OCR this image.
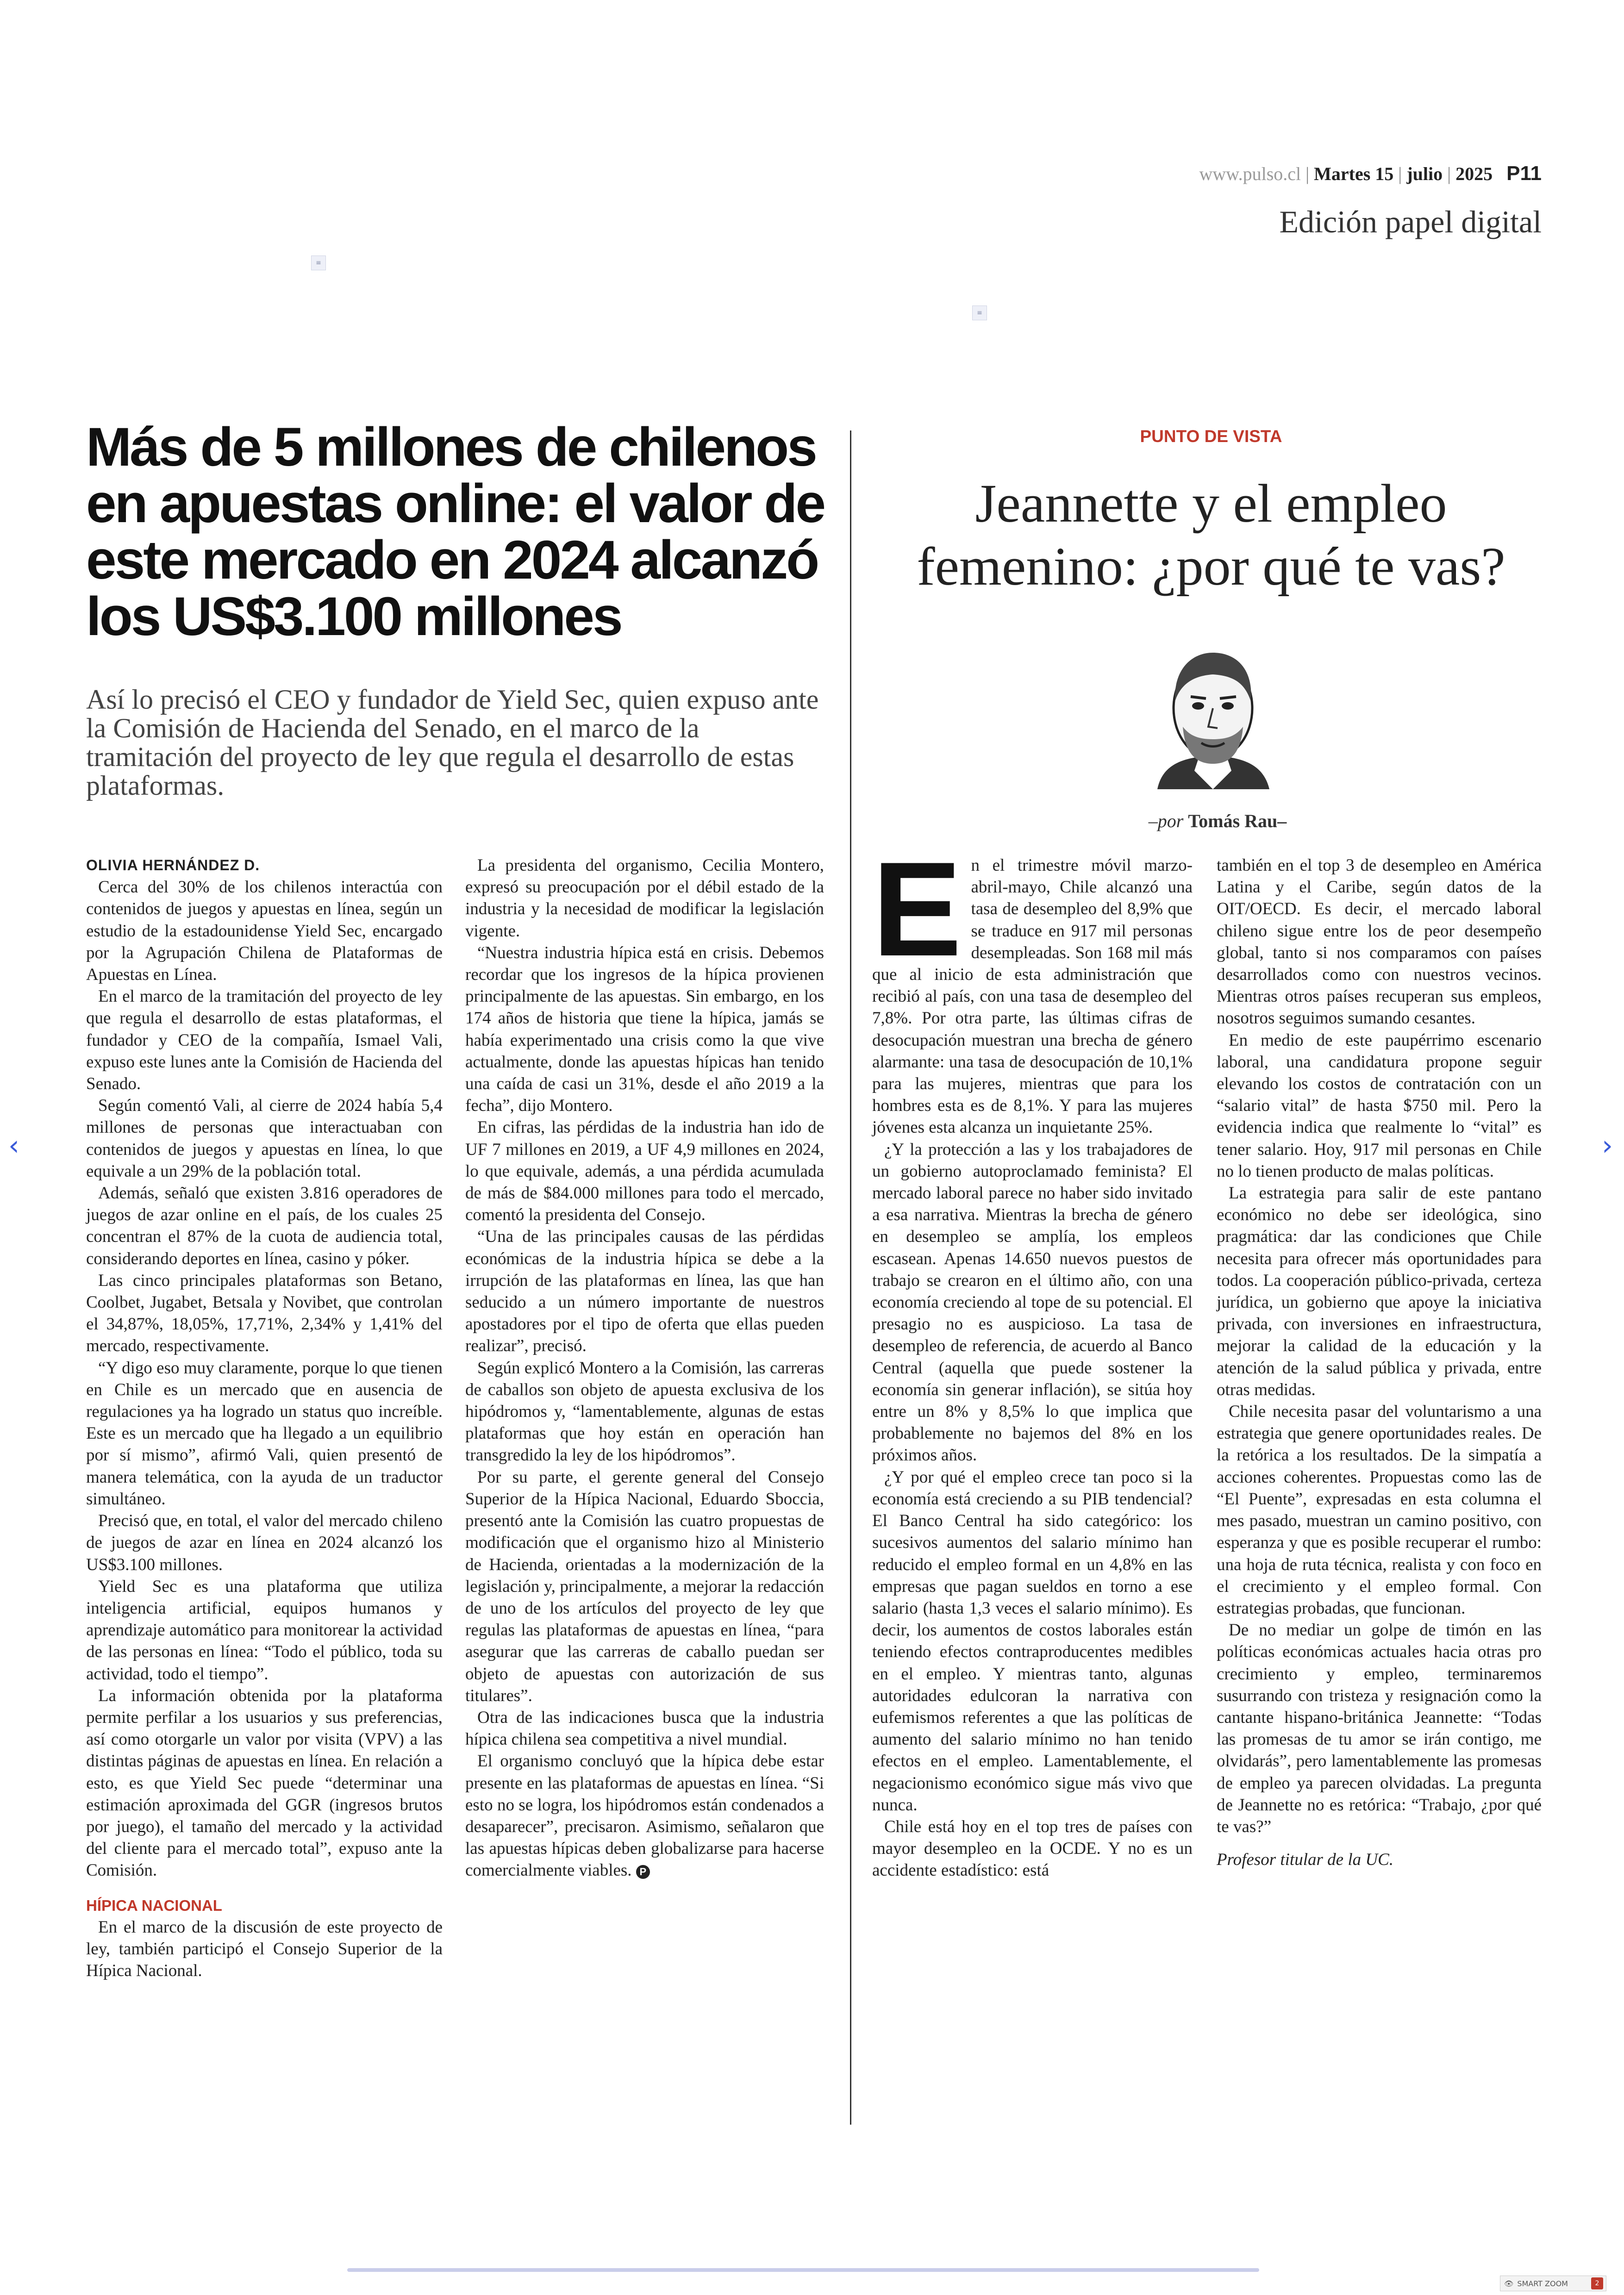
www.pulso.cl | Martes 15 | julio | 2025 P11
Edición papel digital
≡
≡
Más de 5 millones de chilenos en apuestas online: el valor de este mercado en 2024 alcanzó los US$3.100 millones
Así lo precisó el CEO y fundador de Yield Sec, quien expuso ante la Comisión de Hacienda del Senado, en el marco de la tramitación del proyecto de ley que regula el desarrollo de estas plataformas.

OLIVIA HERNÁNDEZ D.

Cerca del 30% de los chilenos interactúa con contenidos de juegos y apuestas en línea, según un estudio de la estadounidense Yield Sec, encargado por la Agrupación Chilena de Plataformas de Apuestas en Línea.

En el marco de la tramitación del proyecto de ley que regula el desarrollo de estas plataformas, el fundador y CEO de la compañía, Ismael Vali, expuso este lunes ante la Comisión de Hacienda del Senado.

Según comentó Vali, al cierre de 2024 había 5,4 millones de personas que interactuaban con contenidos de juegos y apuestas en línea, lo que equivale a un 29% de la población total.

Además, señaló que existen 3.816 operadores de juegos de azar online en el país, de los cuales 25 concentran el 87% de la cuota de audiencia total, considerando deportes en línea, casino y póker.

Las cinco principales plataformas son Betano, Coolbet, Jugabet, Betsala y Novibet, que controlan el 34,87%, 18,05%, 17,71%, 2,34% y 1,41% del mercado, respectivamente.

“Y digo eso muy claramente, porque lo que tienen en Chile es un mercado que en ausencia de regulaciones ya ha logrado un status quo increíble. Este es un mercado que ha llegado a un equilibrio por sí mismo”, afirmó Vali, quien presentó de manera telemática, con la ayuda de un traductor simultáneo.

Precisó que, en total, el valor del mercado chileno de juegos de azar en línea en 2024 alcanzó los US$3.100 millones.

Yield Sec es una plataforma que utiliza inteligencia artificial, equipos humanos y aprendizaje automático para monitorear la actividad de las personas en línea: “Todo el público, toda su actividad, todo el tiempo”.

La información obtenida por la plataforma permite perfilar a los usuarios y sus preferencias, así como otorgarle un valor por visita (VPV) a las distintas páginas de apuestas en línea. En relación a esto, es que Yield Sec puede “determinar una estimación aproximada del GGR (ingresos brutos por juego), el tamaño del mercado y la actividad del cliente para el mercado total”, expuso ante la Comisión.

HÍPICA NACIONAL

En el marco de la discusión de este proyecto de ley, también participó el Consejo Superior de la Hípica Nacional.

La presidenta del organismo, Cecilia Montero, expresó su preocupación por el débil estado de la industria y la necesidad de modificar la legislación vigente.

“Nuestra industria hípica está en crisis. Debemos recordar que los ingresos de la hípica provienen principalmente de las apuestas. Sin embargo, en los 174 años de historia que tiene la hípica, jamás se había experimentado una crisis como la que vive actualmente, donde las apuestas hípicas han tenido una caída de casi un 31%, desde el año 2019 a la fecha”, dijo Montero.

En cifras, las pérdidas de la industria han ido de UF 7 millones en 2019, a UF 4,9 millones en 2024, lo que equivale, además, a una pérdida acumulada de más de $84.000 millones para todo el mercado, comentó la presidenta del Consejo.

“Una de las principales causas de las pérdidas económicas de la industria hípica se debe a la irrupción de las plataformas en línea, las que han seducido a un número importante de nuestros apostadores por el tipo de oferta que ellas pueden realizar”, precisó.

Según explicó Montero a la Comisión, las carreras de caballos son objeto de apuesta exclusiva de los hipódromos y, “lamentablemente, algunas de estas plataformas que hoy están en operación han transgredido la ley de los hipódromos”.

Por su parte, el gerente general del Consejo Superior de la Hípica Nacional, Eduardo Sboccia, presentó ante la Comisión las cuatro propuestas de modificación que el organismo hizo al Ministerio de Hacienda, orientadas a la modernización de la legislación y, principalmente, a mejorar la redacción de uno de los artículos del proyecto de ley que regulas las plataformas de apuestas en línea, “para asegurar que las carreras de caballo puedan ser objeto de apuestas con autorización de sus titulares”.

Otra de las indicaciones busca que la industria hípica chilena sea competitiva a nivel mundial.

El organismo concluyó que la hípica debe estar presente en las plataformas de apuestas en línea. “Si esto no se logra, los hipódromos están condenados a desaparecer”, precisaron. Asimismo, señalaron que las apuestas hípicas deben globalizarse para hacerse comercialmente viables. P

PUNTO DE VISTA
Jeannette y el empleo femenino: ¿por qué te vas?
–por Tomás Rau–

En el trimestre móvil marzo-abril-mayo, Chile alcanzó una tasa de desempleo del 8,9% que se traduce en 917 mil personas desempleadas. Son 168 mil más que al inicio de esta administración que recibió al país, con una tasa de desempleo del 7,8%. Por otra parte, las últimas cifras de desocupación muestran una brecha de género alarmante: una tasa de desocupación de 10,1% para las mujeres, mientras que para los hombres esta es de 8,1%. Y para las mujeres jóvenes esta alcanza un inquietante 25%.

¿Y la protección a las y los trabajadores de un gobierno autoproclamado feminista? El mercado laboral parece no haber sido invitado a esa narrativa. Mientras la brecha de género en desempleo se amplía, los empleos escasean. Apenas 14.650 nuevos puestos de trabajo se crearon en el último año, con una economía creciendo al tope de su potencial. El presagio no es auspicioso. La tasa de desempleo de referencia, de acuerdo al Banco Central (aquella que puede sostener la economía sin generar inflación), se sitúa hoy entre un 8% y 8,5% lo que implica que probablemente no bajemos del 8% en los próximos años.

¿Y por qué el empleo crece tan poco si la economía está creciendo a su PIB tendencial? El Banco Central ha sido categórico: los sucesivos aumentos del salario mínimo han reducido el empleo formal en un 4,8% en las empresas que pagan sueldos en torno a ese salario (hasta 1,3 veces el salario mínimo). Es decir, los aumentos de costos laborales están teniendo efectos contraproducentes medibles en el empleo. Y mientras tanto, algunas autoridades edulcoran la narrativa con eufemismos referentes a que las políticas de aumento del salario mínimo no han tenido efectos en el empleo. Lamentablemente, el negacionismo económico sigue más vivo que nunca.

Chile está hoy en el top tres de países con mayor desempleo en la OCDE. Y no es un accidente estadístico: está

también en el top 3 de desempleo en América Latina y el Caribe, según datos de la OIT/OECD. Es decir, el mercado laboral chileno sigue entre los de peor desempeño global, tanto si nos comparamos con países desarrollados como con nuestros vecinos. Mientras otros países recuperan sus empleos, nosotros seguimos sumando cesantes.

En medio de este paupérrimo escenario laboral, una candidatura propone seguir elevando los costos de contratación con un “salario vital” de hasta $750 mil. Pero la evidencia indica que realmente lo “vital” es tener salario. Hoy, 917 mil personas en Chile no lo tienen producto de malas políticas.

La estrategia para salir de este pantano económico no debe ser ideológica, sino pragmática: dar las condiciones que Chile necesita para ofrecer más oportunidades para todos. La cooperación público-privada, certeza jurídica, un gobierno que apoye la iniciativa privada, con inversiones en infraestructura, mejorar la calidad de la educación y la atención de la salud pública y privada, entre otras medidas.

Chile necesita pasar del voluntarismo a una estrategia que genere oportunidades reales. De la retórica a los resultados. De la simpatía a acciones coherentes. Propuestas como las de “El Puente”, expresadas en esta columna el mes pasado, muestran un camino positivo, con esperanza y que es posible recuperar el rumbo: una hoja de ruta técnica, realista y con foco en el crecimiento y el empleo formal. Con estrategias probadas, que funcionan.

De no mediar un golpe de timón en las políticas económicas actuales hacia otras pro crecimiento y empleo, terminaremos susurrando con tristeza y resignación como la cantante hispano-británica Jeannette: “Todas las promesas de tu amor se irán contigo, me olvidarás”, pero lamentablemente las promesas de empleo ya parecen olvidadas. La pregunta de Jeannette no es retórica: “Trabajo, ¿por qué te vas?”

Profesor titular de la UC.

‹	›
👁 SMART ZOOM	2
